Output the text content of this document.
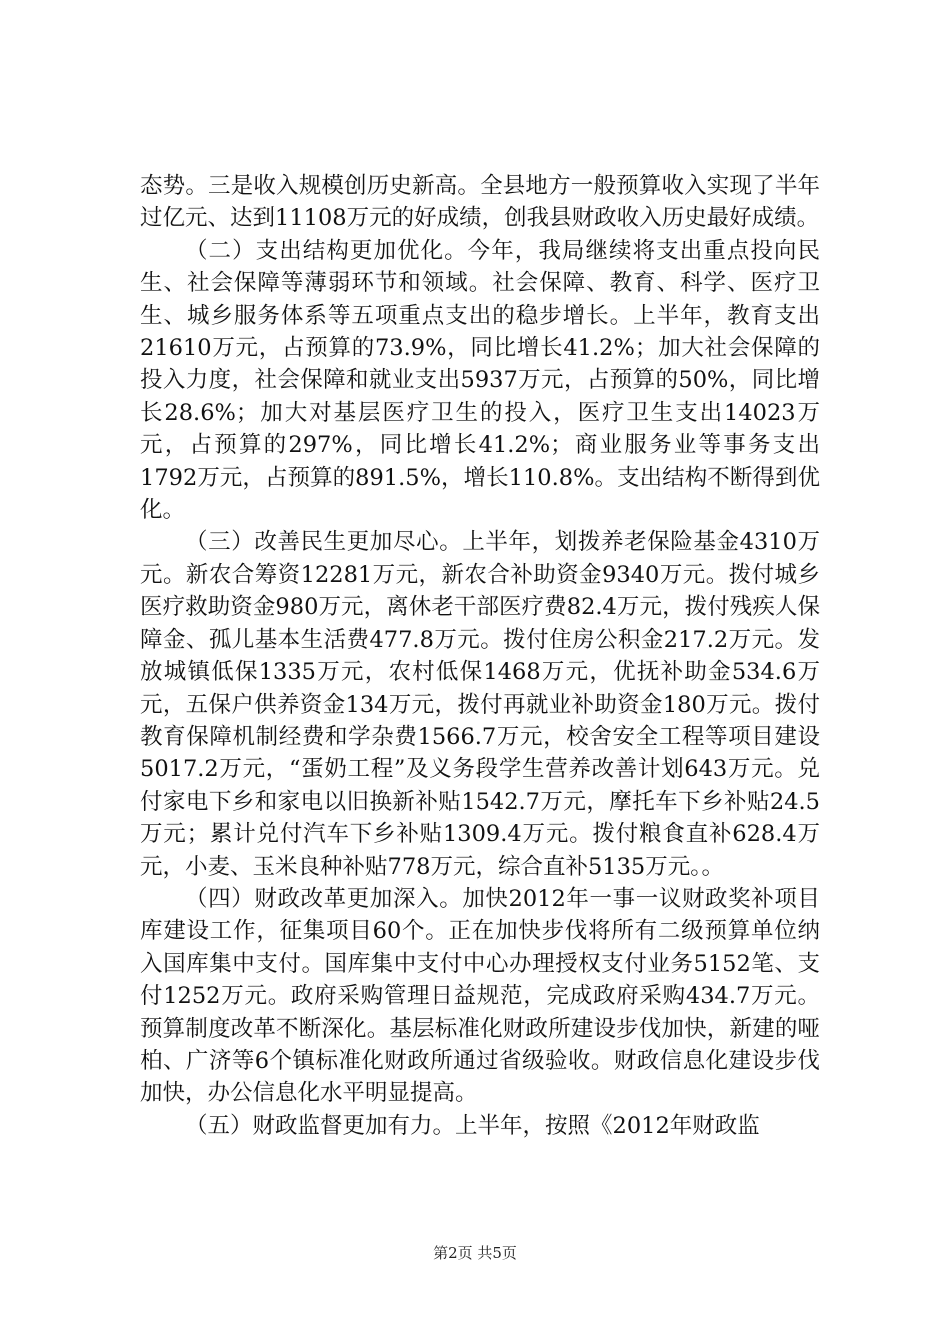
态势。三是收入规模创历史新高。全县地方一般预算收入实现了半年过亿元、达到11108万元的好成绩，创我县财政收入历史最好成绩。

（二）支出结构更加优化。今年，我局继续将支出重点投向民生、社会保障等薄弱环节和领域。社会保障、教育、科学、医疗卫生、城乡服务体系等五项重点支出的稳步增长。上半年，教育支出21610万元，占预算的73.9%，同比增长41.2%；加大社会保障的投入力度，社会保障和就业支出5937万元，占预算的50%，同比增长28.6%；加大对基层医疗卫生的投入，医疗卫生支出14023万元，占预算的297%，同比增长41.2%；商业服务业等事务支出1792万元，占预算的891.5%，增长110.8%。支出结构不断得到优化。

（三）改善民生更加尽心。上半年，划拨养老保险基金4310万元。新农合筹资12281万元，新农合补助资金9340万元。拨付城乡医疗救助资金980万元，离休老干部医疗费82.4万元，拨付残疾人保障金、孤儿基本生活费477.8万元。拨付住房公积金217.2万元。发放城镇低保1335万元，农村低保1468万元，优抚补助金534.6万元，五保户供养资金134万元，拨付再就业补助资金180万元。拨付教育保障机制经费和学杂费1566.7万元，校舍安全工程等项目建设5017.2万元，“蛋奶工程”及义务段学生营养改善计划643万元。兑付家电下乡和家电以旧换新补贴1542.7万元，摩托车下乡补贴24.5万元；累计兑付汽车下乡补贴1309.4万元。拨付粮食直补628.4万元，小麦、玉米良种补贴778万元，综合直补5135万元。。

（四）财政改革更加深入。加快2012年一事一议财政奖补项目库建设工作，征集项目60个。正在加快步伐将所有二级预算单位纳入国库集中支付。国库集中支付中心办理授权支付业务5152笔、支付1252万元。政府采购管理日益规范，完成政府采购434.7万元。预算制度改革不断深化。基层标准化财政所建设步伐加快，新建的哑柏、广济等6个镇标准化财政所通过省级验收。财政信息化建设步伐加快，办公信息化水平明显提高。

（五）财政监督更加有力。上半年，按照《2012年财政监

第2页 共5页
